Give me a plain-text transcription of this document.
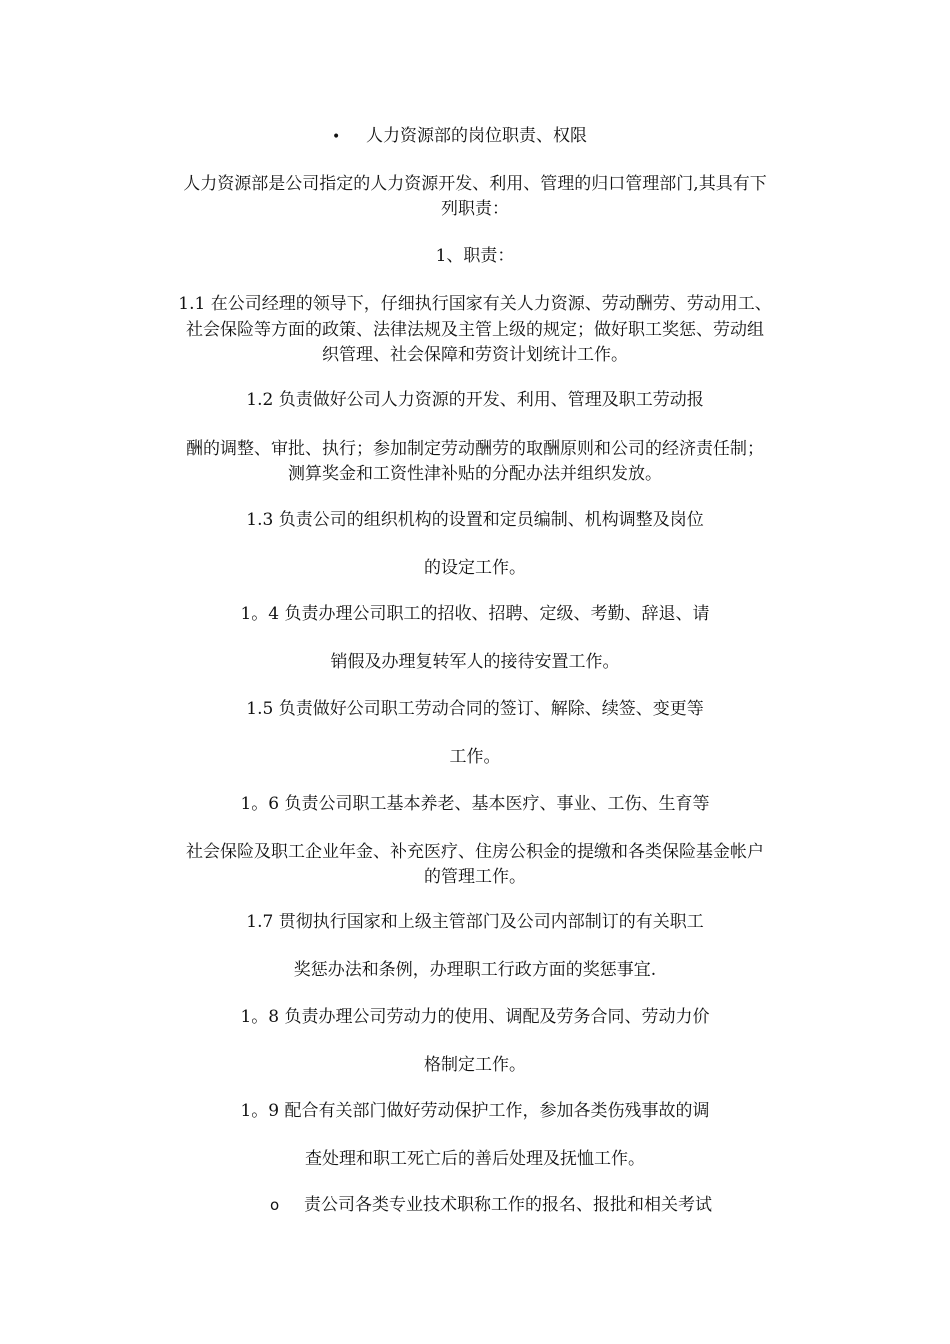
• 人力资源部的岗位职责、权限
人力资源部是公司指定的人力资源开发、利用、管理的归口管理部门,其具有下
列职责：
1、职责：
1.1 在公司经理的领导下，仔细执行国家有关人力资源、劳动酬劳、劳动用工、
社会保险等方面的政策、法律法规及主管上级的规定；做好职工奖惩、劳动组
织管理、社会保障和劳资计划统计工作。
1.2 负责做好公司人力资源的开发、利用、管理及职工劳动报
酬的调整、审批、执行；参加制定劳动酬劳的取酬原则和公司的经济责任制；
测算奖金和工资性津补贴的分配办法并组织发放。
1.3 负责公司的组织机构的设置和定员编制、机构调整及岗位
的设定工作。
1。4 负责办理公司职工的招收、招聘、定级、考勤、辞退、请
销假及办理复转军人的接待安置工作。
1.5 负责做好公司职工劳动合同的签订、解除、续签、变更等
工作。
1。6 负责公司职工基本养老、基本医疗、事业、工伤、生育等
社会保险及职工企业年金、补充医疗、住房公积金的提缴和各类保险基金帐户
的管理工作。
1.7 贯彻执行国家和上级主管部门及公司内部制订的有关职工
奖惩办法和条例，办理职工行政方面的奖惩事宜.
1。8 负责办理公司劳动力的使用、调配及劳务合同、劳动力价
格制定工作。
1。9 配合有关部门做好劳动保护工作，参加各类伤残事故的调
查处理和职工死亡后的善后处理及抚恤工作。
o 责公司各类专业技术职称工作的报名、报批和相关考试
